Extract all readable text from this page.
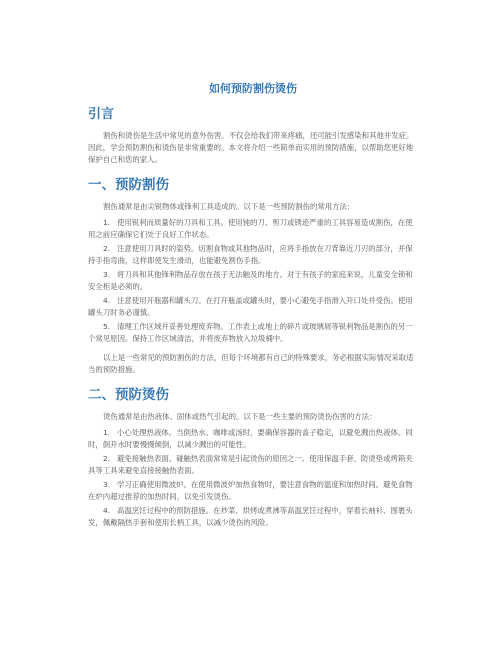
如何预防割伤烫伤
引言

割伤和烫伤是生活中常见的意外伤害。不仅会给我们带来疼痛，还可能引发感染和其他并发症。因此，学会预防割伤和烫伤是非常重要的。本文将介绍一些简单而实用的预防措施，以帮助您更好地保护自己和您的家人。

一、预防割伤

割伤通常是由尖锐物体或锋利工具造成的。以下是一些预防割伤的常用方法：

1. 使用锐利而质量好的刀具和工具。使用钝的刀、剪刀或锈迹严重的工具容易造成割伤，在使用之前应确保它们处于良好工作状态。
2. 注意使用刀具时的姿势。切割食物或其他物品时，应将手指放在刀背靠近刀刃的部分，并保持手指弯曲，这样即使发生滑动，也能避免割伤手指。
3. 将刀具和其他锋利物品存放在孩子无法触及的地方。对于有孩子的家庭来说，儿童安全锁和安全柜是必须的。
4. 注意使用开瓶器和罐头刀。在打开瓶盖或罐头时，要小心避免手指滑入开口处并受伤。使用罐头刀时务必谨慎。
5. 清理工作区域并妥善处理废弃物。工作表上或地上的碎片或玻璃屑等锐利物品是割伤的另一个常见原因。保持工作区域清洁，并将废弃物放入垃圾桶中。

以上是一些常见的预防割伤的方法，但每个环境都有自己的特殊要求，务必根据实际情况采取适当的预防措施。

二、预防烫伤

烫伤通常是由热液体、固体或热气引起的。以下是一些主要的预防烫伤伤害的方法：

1. 小心处理热液体。当倒热水、咖啡或汤时，要确保容器的盖子稳定，以避免溅出热液体。同时，倒开水时要慢慢倾倒，以减少溅出的可能性。
2. 避免接触热表面。碰触热表面常常是引起烫伤的原因之一。使用保温手套、防烫垫或烤箱夹具等工具来避免直接接触热表面。
3. 学习正确使用微波炉。在使用微波炉加热食物时，要注意食物的温度和加热时间。避免食物在炉内超过推荐的加热时间，以免引发烫伤。
4. 高温烹饪过程中的预防措施。在炒菜、烘烤或煮沸等高温烹饪过程中，穿着长袖衫、围裹头发，佩戴隔热手套和使用长柄工具，以减少烫伤的风险。
